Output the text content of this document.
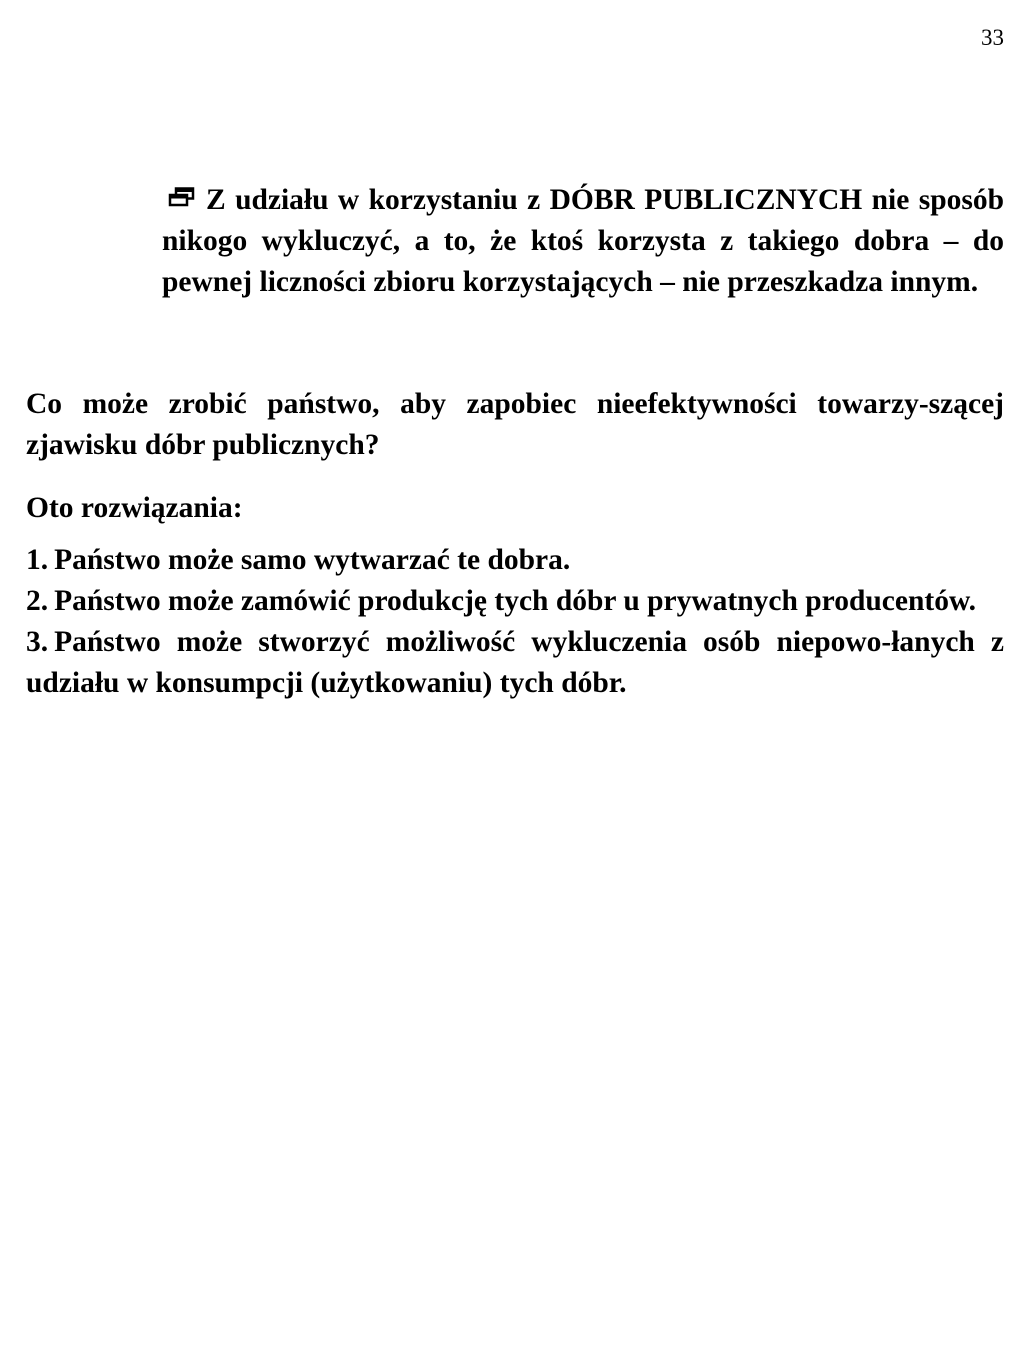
33

Z udziału w korzystaniu z DÓBR PUBLICZNYCH nie sposób nikogo wykluczyć, a to, że ktoś korzysta z takiego dobra – do pewnej liczności zbioru korzystających – nie przeszkadza innym.

Co może zrobić państwo, aby zapobiec nieefektywności towarzy-szącej zjawisku dóbr publicznych?

Oto rozwiązania:

1. Państwo może samo wytwarzać te dobra.
2. Państwo może zamówić produkcję tych dóbr u prywatnych producentów.
3. Państwo może stworzyć możliwość wykluczenia osób niepowo-łanych z udziału w konsumpcji (użytkowaniu) tych dóbr.
